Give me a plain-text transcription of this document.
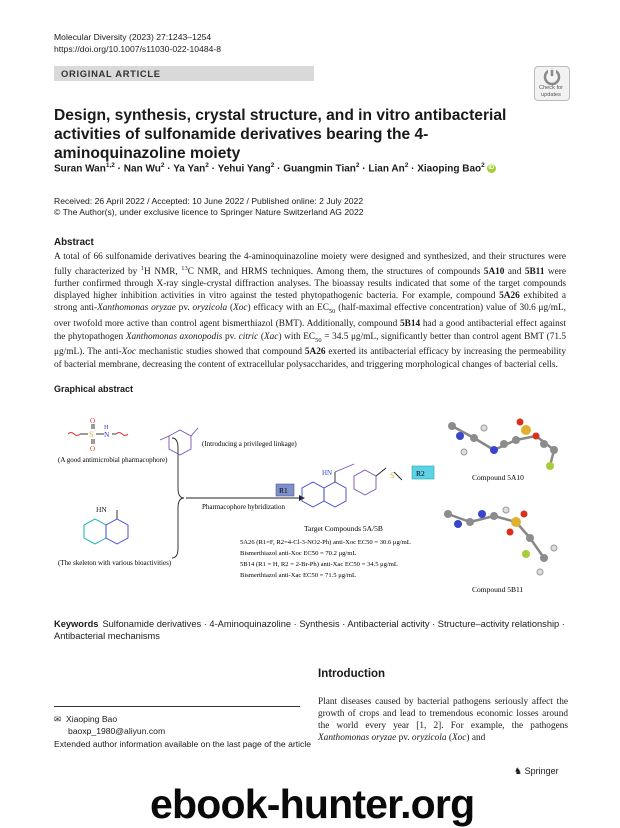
Molecular Diversity (2023) 27:1243–1254
https://doi.org/10.1007/s11030-022-10484-8
ORIGINAL ARTICLE
Check for updates
Design, synthesis, crystal structure, and in vitro antibacterial activities of sulfonamide derivatives bearing the 4-aminoquinazoline moiety
Suran Wan$^{1,2}$ · Nan $Wu^2 \cdot Ya$ Yan$^2$ · Yehui Yang$^2$ · Guangmin Tian$^2$ · Lian $An^2$ · Xiaoping Bao$^2$ iD
Received: 26 April 2022 / Accepted: 10 June 2022 / Published online: 2 July 2022
© The Author(s), under exclusive licence to Springer Nature Switzerland AG 2022
Abstract
A total of 66 sulfonamide derivatives bearing the 4-aminoquinazoline moiety were designed and synthesized, and their structures were fully characterized by $^1$H NMR, $^{13}$C NMR, and HRMS techniques. Among them, the structures of compounds 5A10 and 5B11 were further confirmed through X-ray single-crystal diffraction analyses. The bioassay results indicated that some of the target compounds displayed higher inhibition activities in vitro against the tested phytopathogenic bacteria. For example, compound 5A26 exhibited a strong anti-Xanthomonas oryzae pv. oryzicola (Xoc) efficacy with an $EC_{50}$ (half-maximal effective concentration) value of 30.6 μg/mL, over twofold more active than control agent bismerthiazol (BMT). Additionally, compound 5B14 had a good antibacterial effect against the phytopathogen Xanthomonas axonopodis pv. citric (Xac) with $EC_{50} = 34.5$ μg/mL, significantly better than control agent BMT (71.5 μg/mL). The anti-Xoc mechanistic studies showed that compound 5A26 exerted its antibacterial efficacy by increasing the permeability of bacterial membrane, decreasing the content of extracellular polysaccharides, and triggering morphological changes of bacterial cells.
Graphical abstract
S
O
O
N
H
(A good antimicrobial pharmacophore)
HN
(The skeleton with various bioactivities)
Pharmacophore hybridization
(Introducing a privileged linkage)
R1
R2
HN	S
Target Compounds 5A/5B
5A26 (R1=F, R2=4-Cl-3-NO2-Ph) anti-Xoc EC50 = 30.6 μg/mL
Bismerthiazol anti-Xoc EC50 = 70.2 μg/mL
5B14 (R1 = H, R2 = 2-Br-Ph) anti-Xac EC50 = 34.5 μg/mL
Bismerthiazol anti-Xac EC50 = 71.5 μg/mL
Compound 5A10
Compound 5B11
Keywords Sulfonamide derivatives · 4-Aminoquinazoline · Synthesis · Antibacterial activity · Structure–activity relationship · Antibacterial mechanisms
Introduction
Plant diseases caused by bacterial pathogens seriously affect the growth of crops and lead to tremendous economic losses around the world every year [1, 2]. For example, the pathogens Xanthomonas oryzae pv. oryzicola (Xoc) and
✉ Xiaoping Bao
baoxp_1980@aliyun.com
Extended author information available on the last page of the article
♞ Springer
ebook-hunter.org
